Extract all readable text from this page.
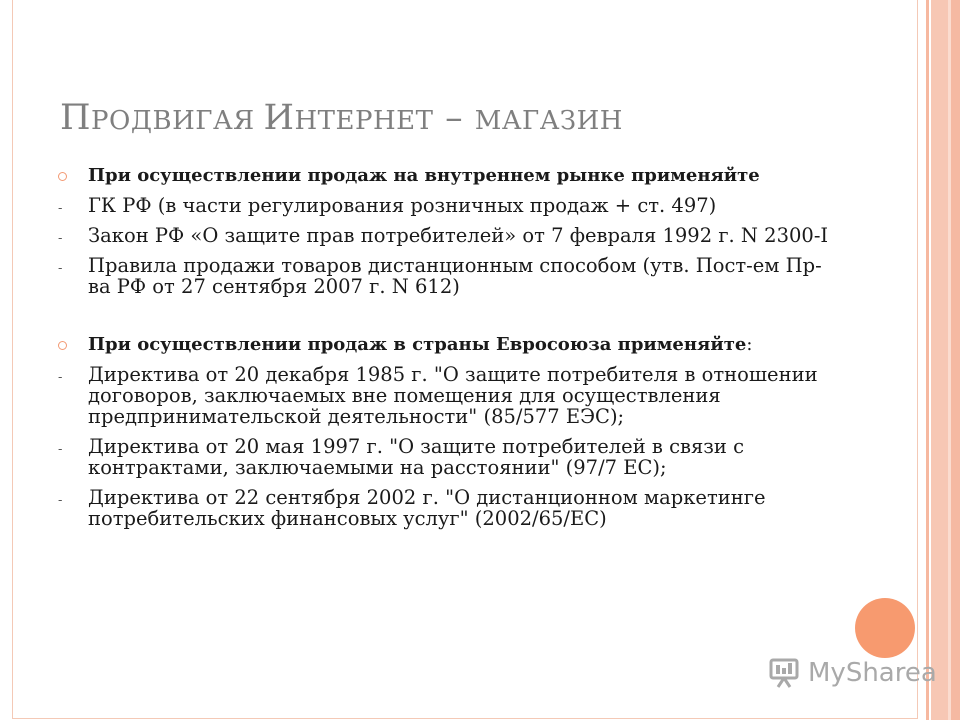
ПРОДВИГАЯ ИНТЕРНЕТ – МАГАЗИН
При осуществлении продаж на внутреннем рынке применяйте
- ГК РФ (в части регулирования розничных продаж + ст. 497)
- Закон РФ «О защите прав потребителей» от 7 февраля 1992 г. N 2300-I
- Правила продажи товаров дистанционным способом (утв. Пост-ем Пр-ва РФ от 27 сентября 2007 г. N 612)
При осуществлении продаж в страны Евросоюза применяйте:
- Директива от 20 декабря 1985 г. "О защите потребителя в отношении договоров, заключаемых вне помещения для осуществления предпринимательской деятельности" (85/577 ЕЭС);
- Директива от 20 мая 1997 г. "О защите потребителей в связи с контрактами, заключаемыми на расстоянии" (97/7 ЕС);
- Директива от 22 сентября 2002 г. "О дистанционном маркетинге потребительских финансовых услуг" (2002/65/ЕС)
MySharea
